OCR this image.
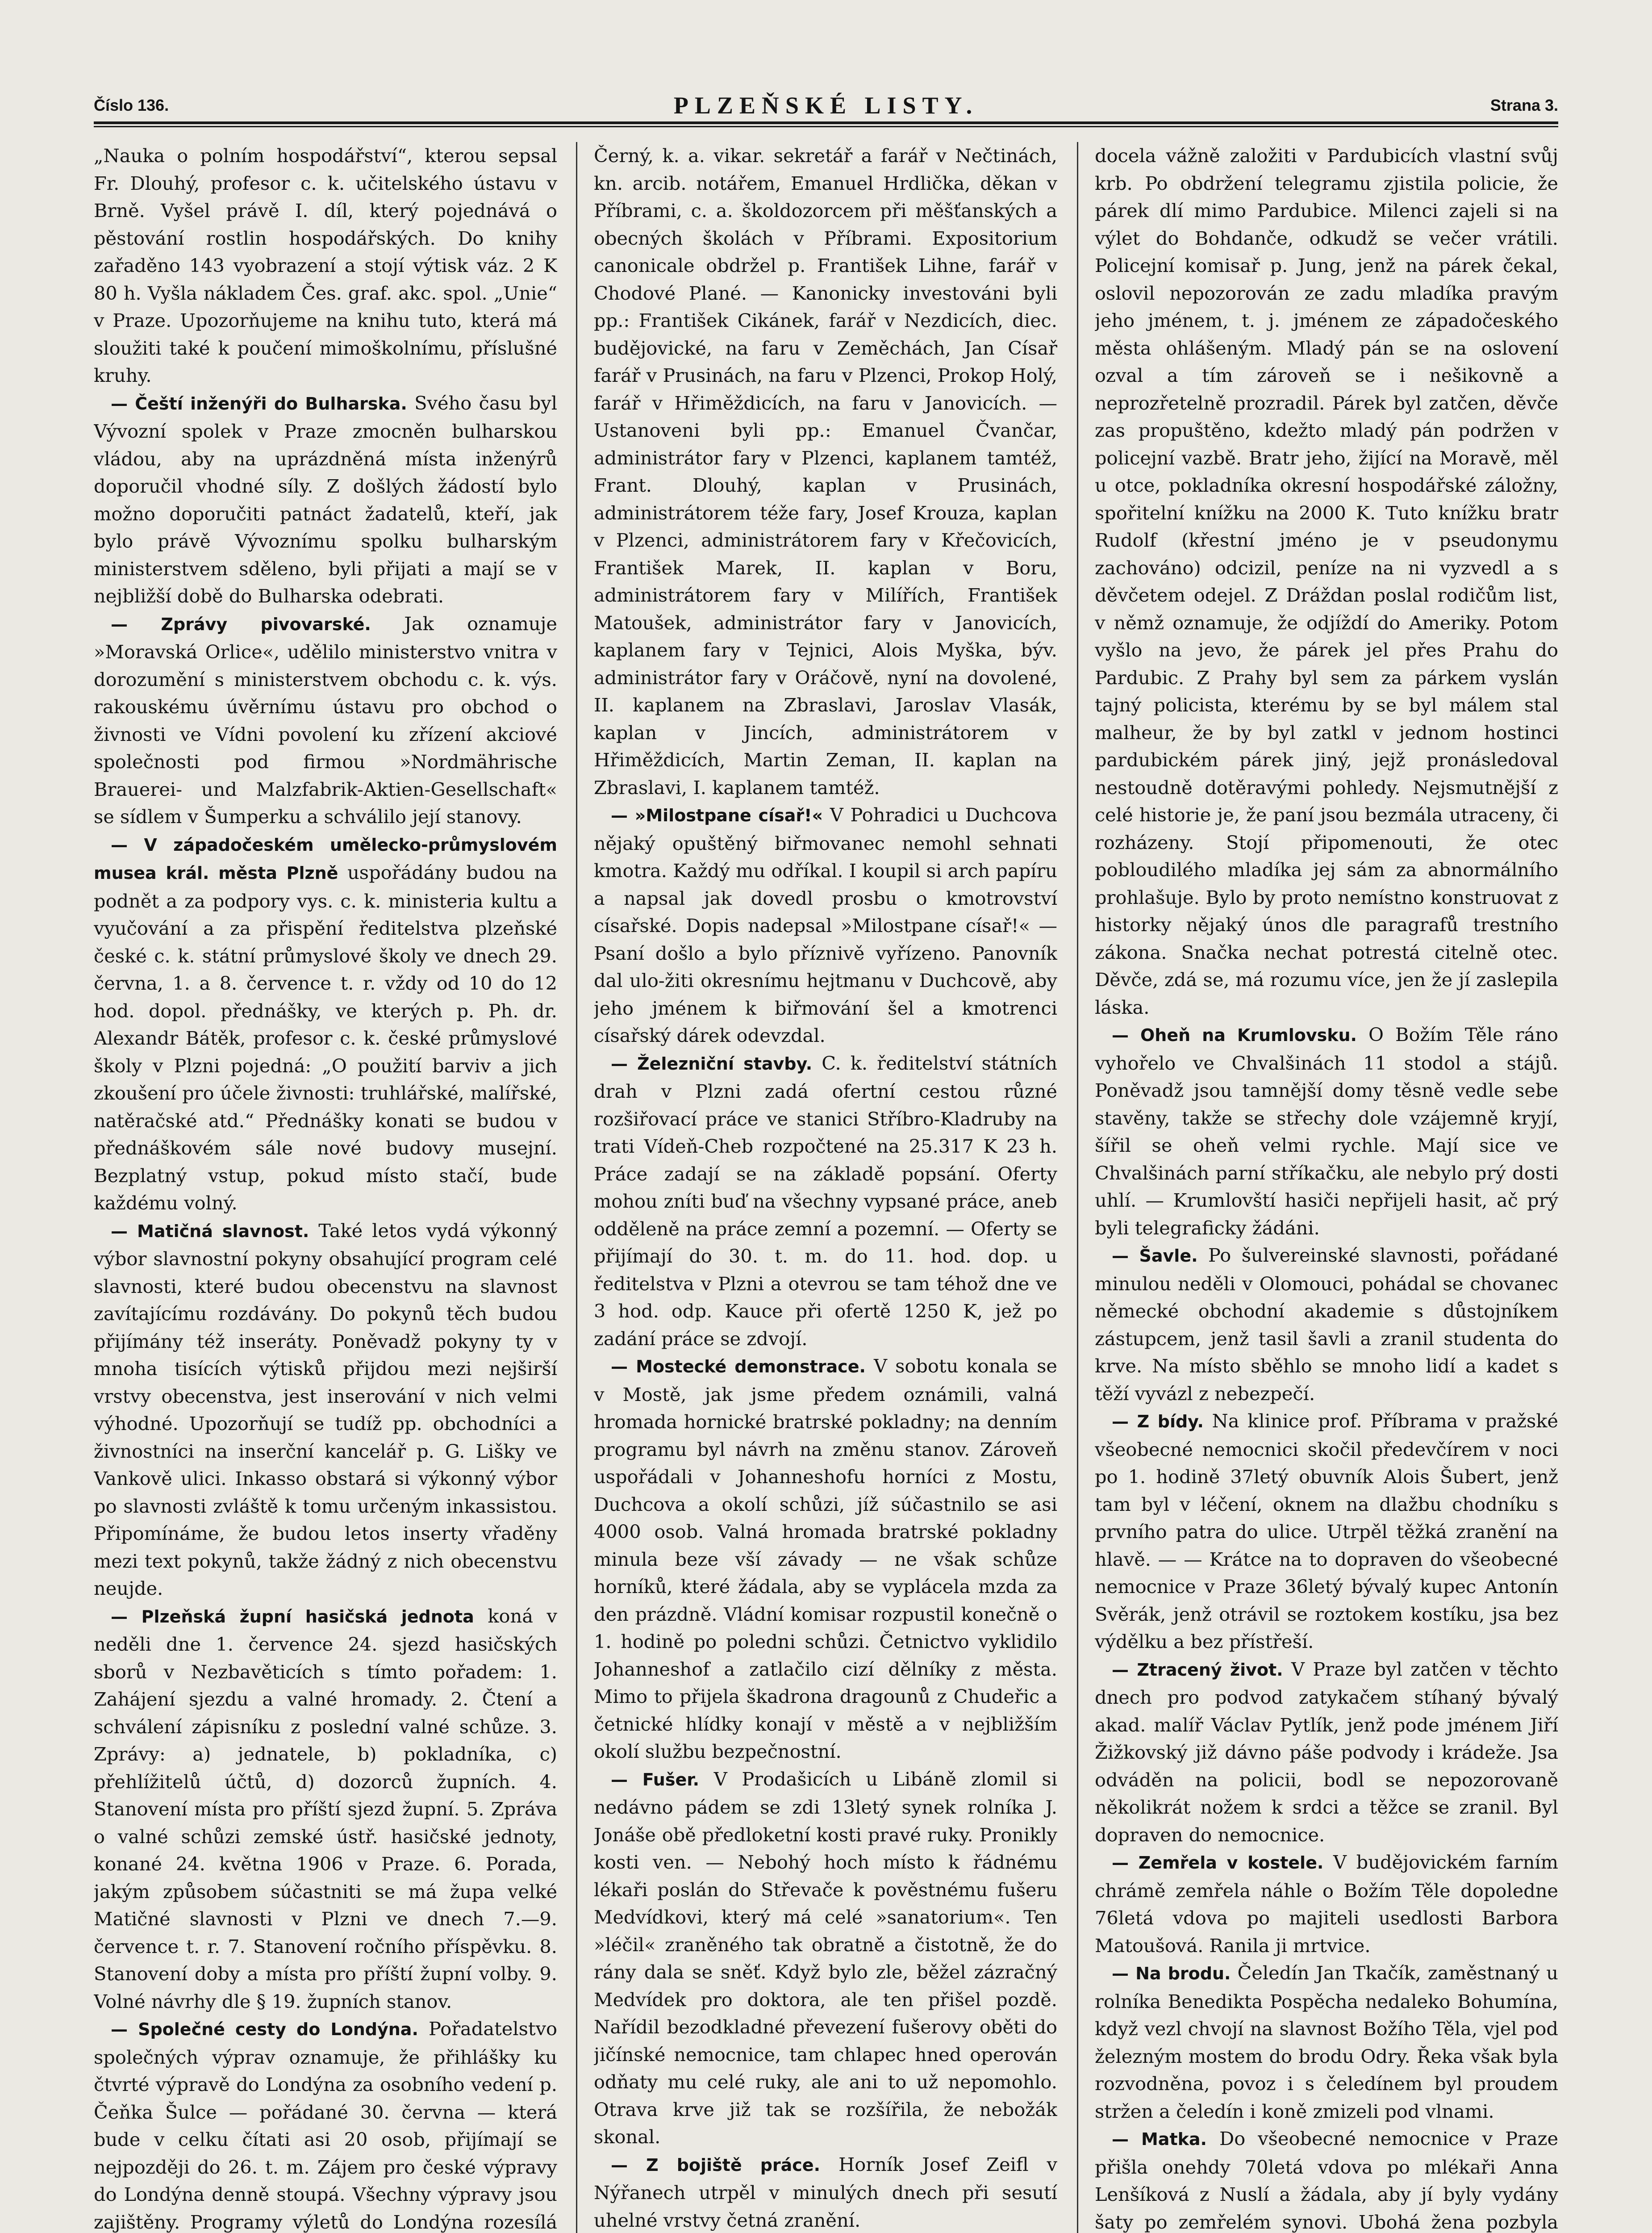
Číslo 136.	PLZEŇSKÉ LISTY.	Strana 3.

„Nauka o polním hospodářství“, kterou sepsal Fr. Dlouhý, profesor c. k. učitelského ústavu v Brně. Vyšel právě I. díl, který pojednává o pěstování rostlin hospodářských. Do knihy zařaděno 143 vyobrazení a stojí výtisk váz. 2 K 80 h. Vyšla nákladem Čes. graf. akc. spol. „Unie“ v Praze. Upozorňujeme na knihu tuto, která má sloužiti také k poučení mimoškolnímu, příslušné kruhy.

— Čeští inženýři do Bulharska. Svého času byl Vývozní spolek v Praze zmocněn bulharskou vládou, aby na uprázdněná místa inženýrů doporučil vhodné síly. Z došlých žádostí bylo možno doporučiti patnáct žadatelů, kteří, jak bylo právě Vývoznímu spolku bulharským ministerstvem sděleno, byli přijati a mají se v nejbližší době do Bulharska odebrati.

— Zprávy pivovarské. Jak oznamuje »Moravská Orlice«, udělilo ministerstvo vnitra v dorozumění s ministerstvem obchodu c. k. výs. rakouskému úvěrnímu ústavu pro obchod o živnosti ve Vídni povolení ku zřízení akciové společnosti pod firmou »Nordmährische Brauerei- und Malzfabrik-Aktien-Gesellschaft« se sídlem v Šumperku a schválilo její stanovy.

— V západočeském umělecko-průmyslovém musea král. města Plzně uspořádány budou na podnět a za podpory vys. c. k. ministeria kultu a vyučování a za přispění ředitelstva plzeňské české c. k. státní průmyslové školy ve dnech 29. června, 1. a 8. července t. r. vždy od 10 do 12 hod. dopol. přednášky, ve kterých p. Ph. dr. Alexandr Bátěk, profesor c. k. české průmyslové školy v Plzni pojedná: „O použití barviv a jich zkoušení pro účele živnosti: truhlářské, malířské, natěračské atd.“ Přednášky konati se budou v přednáškovém sále nové budovy musejní. Bezplatný vstup, pokud místo stačí, bude každému volný.

— Matičná slavnost. Také letos vydá výkonný výbor slavnostní pokyny obsahující program celé slavnosti, které budou obecenstvu na slavnost zavítajícímu rozdávány. Do pokynů těch budou přijímány též inseráty. Poněvadž pokyny ty v mnoha tisících výtisků přijdou mezi nejširší vrstvy obecenstva, jest inserování v nich velmi výhodné. Upozorňují se tudíž pp. obchodníci a živnostníci na inserční kancelář p. G. Lišky ve Vankově ulici. Inkasso obstará si výkonný výbor po slavnosti zvláště k tomu určeným inkassistou. Připomínáme, že budou letos inserty vřaděny mezi text pokynů, takže žádný z nich obecenstvu neujde.

— Plzeňská župní hasičská jednota koná v neděli dne 1. července 24. sjezd hasičských sborů v Nezbavěticích s tímto pořadem: 1. Zahájení sjezdu a valné hromady. 2. Čtení a schválení zápisníku z poslední valné schůze. 3. Zprávy: a) jednatele, b) pokladníka, c) přehlížitelů účtů, d) dozorců župních. 4. Stanovení místa pro příští sjezd župní. 5. Zpráva o valné schůzi zemské ústř. hasičské jednoty, konané 24. května 1906 v Praze. 6. Porada, jakým způsobem súčastniti se má župa velké Matičné slavnosti v Plzni ve dnech 7.—9. července t. r. 7. Stanovení ročního příspěvku. 8. Stanovení doby a místa pro příští župní volby. 9. Volné návrhy dle § 19. župních stanov.

— Společné cesty do Londýna. Pořadatelstvo společných výprav oznamuje, že přihlášky ku čtvrté výpravě do Londýna za osobního vedení p. Čeňka Šulce — pořádané 30. června — která bude v celku čítati asi 20 osob, přijímají se nejpozději do 26. t. m. Zájem pro české výpravy do Londýna denně stoupá. Všechny výpravy jsou zajištěny. Programy výletů do Londýna rozesílá

Černý, k. a. vikar. sekretář a farář v Nečtinách, kn. arcib. notářem, Emanuel Hrdlička, děkan v Příbrami, c. a. školdozorcem při měšťanských a obecných školách v Příbrami. Expositorium canonicale obdržel p. František Lihne, farář v Chodové Plané. — Kanonicky investováni byli pp.: František Cikánek, farář v Nezdicích, diec. budějovické, na faru v Zeměchách, Jan Císař farář v Prusinách, na faru v Plzenci, Prokop Holý, farář v Hřiměždicích, na faru v Janovicích. — Ustanoveni byli pp.: Emanuel Čvančar, administrátor fary v Plzenci, kaplanem tamtéž, Frant. Dlouhý, kaplan v Prusinách, administrátorem téže fary, Josef Krouza, kaplan v Plzenci, administrátorem fary v Křečovicích, František Marek, II. kaplan v Boru, administrátorem fary v Milířích, František Matoušek, administrátor fary v Janovicích, kaplanem fary v Tejnici, Alois Myška, býv. administrátor fary v Oráčově, nyní na dovolené, II. kaplanem na Zbraslavi, Jaroslav Vlasák, kaplan v Jincích, administrátorem v Hřiměždicích, Martin Zeman, II. kaplan na Zbraslavi, I. kaplanem tamtéž.

— »Milostpane císař!« V Pohradici u Duchcova nějaký opuštěný biřmovanec nemohl sehnati kmotra. Každý mu odříkal. I koupil si arch papíru a napsal jak dovedl prosbu o kmotrovství císařské. Dopis nadepsal »Milostpane císař!« — Psaní došlo a bylo příznivě vyřízeno. Panovník dal ulo-žiti okresnímu hejtmanu v Duchcově, aby jeho jménem k biřmování šel a kmotrenci císařský dárek odevzdal.

— Železniční stavby. C. k. ředitelství státních drah v Plzni zadá ofertní cestou různé rozšiřovací práce ve stanici Stříbro-Kladruby na trati Vídeň-Cheb rozpočtené na 25.317 K 23 h. Práce zadají se na základě popsání. Oferty mohou zníti buď na všechny vypsané práce, aneb odděleně na práce zemní a pozemní. — Oferty se přijímají do 30. t. m. do 11. hod. dop. u ředitelstva v Plzni a otevrou se tam téhož dne ve 3 hod. odp. Kauce při ofertě 1250 K, jež po zadání práce se zdvojí.

— Mostecké demonstrace. V sobotu konala se v Mostě, jak jsme předem oznámili, valná hromada hornické bratrské pokladny; na denním programu byl návrh na změnu stanov. Zároveň uspořádali v Johanneshofu horníci z Mostu, Duchcova a okolí schůzi, jíž súčastnilo se asi 4000 osob. Valná hromada bratrské pokladny minula beze vší závady — ne však schůze horníků, které žádala, aby se vyplácela mzda za den prázdně. Vládní komisar rozpustil konečně o 1. hodině po poledni schůzi. Četnictvo vyklidilo Johanneshof a zatlačilo cizí dělníky z města. Mimo to přijela škadrona dragounů z Chudeřic a četnické hlídky konají v městě a v nejbližším okolí službu bezpečnostní.

— Fušer. V Prodašicích u Libáně zlomil si nedávno pádem se zdi 13letý synek rolníka J. Jonáše obě předloketní kosti pravé ruky. Pronikly kosti ven. — Nebohý hoch místo k řádnému lékaři poslán do Střevače k pověstnému fušeru Medvídkovi, který má celé »sanatorium«. Ten »léčil« zraněného tak obratně a čistotně, že do rány dala se sněť. Když bylo zle, běžel zázračný Medvídek pro doktora, ale ten přišel pozdě. Nařídil bezodkladné převezení fušerovy oběti do jičínské nemocnice, tam chlapec hned operován odňaty mu celé ruky, ale ani to už nepomohlo. Otrava krve již tak se rozšířila, že nebožák skonal.

— Z bojiště práce. Horník Josef Zeifl v Nýřanech utrpěl v minulých dnech při sesutí uhelné vrstvy četná zranění.

docela vážně založiti v Pardubicích vlastní svůj krb. Po obdržení telegramu zjistila policie, že párek dlí mimo Pardubice. Milenci zajeli si na výlet do Bohdanče, odkudž se večer vrátili. Policejní komisař p. Jung, jenž na párek čekal, oslovil nepozorován ze zadu mladíka pravým jeho jménem, t. j. jménem ze západočeského města ohlášeným. Mladý pán se na oslovení ozval a tím zároveň se i nešikovně a neprozřetelně prozradil. Párek byl zatčen, děvče zas propuštěno, kdežto mladý pán podržen v policejní vazbě. Bratr jeho, žijící na Moravě, měl u otce, pokladníka okresní hospodářské záložny, spořitelní knížku na 2000 K. Tuto knížku bratr Rudolf (křestní jméno je v pseudonymu zachováno) odcizil, peníze na ni vyzvedl a s děvčetem odejel. Z Dráždan poslal rodičům list, v němž oznamuje, že odjíždí do Ameriky. Potom vyšlo na jevo, že párek jel přes Prahu do Pardubic. Z Prahy byl sem za párkem vyslán tajný policista, kterému by se byl málem stal malheur, že by byl zatkl v jednom hostinci pardubickém párek jiný, jejž pronásledoval nestoudně dotěravými pohledy. Nejsmutnější z celé historie je, že paní jsou bezmála utraceny, či rozházeny. Stojí připomenouti, že otec pobloudilého mladíka jej sám za abnormálního prohlašuje. Bylo by proto nemístno konstruovat z historky nějaký únos dle paragrafů trestního zákona. Snačka nechat potrestá citelně otec. Děvče, zdá se, má rozumu více, jen že jí zaslepila láska.

— Oheň na Krumlovsku. O Božím Těle ráno vyhořelo ve Chvalšinách 11 stodol a stájů. Poněvadž jsou tamnější domy těsně vedle sebe stavěny, takže se střechy dole vzájemně kryjí, šířil se oheň velmi rychle. Mají sice ve Chvalšinách parní stříkačku, ale nebylo prý dosti uhlí. — Krumlovští hasiči nepřijeli hasit, ač prý byli telegraficky žádáni.

— Šavle. Po šulvereinské slavnosti, pořádané minulou neděli v Olomouci, pohádal se chovanec německé obchodní akademie s důstojníkem zástupcem, jenž tasil šavli a zranil studenta do krve. Na místo sběhlo se mnoho lidí a kadet s těží vyvázl z nebezpečí.

— Z bídy. Na klinice prof. Příbrama v pražské všeobecné nemocnici skočil předevčírem v noci po 1. hodině 37letý obuvník Alois Šubert, jenž tam byl v léčení, oknem na dlažbu chodníku s prvního patra do ulice. Utrpěl těžká zranění na hlavě. — — Krátce na to dopraven do všeobecné nemocnice v Praze 36letý bývalý kupec Antonín Svěrák, jenž otrávil se roztokem kostíku, jsa bez výdělku a bez přístřeší.

— Ztracený život. V Praze byl zatčen v těchto dnech pro podvod zatykačem stíhaný bývalý akad. malíř Václav Pytlík, jenž pode jménem Jiří Žižkovský již dávno páše podvody i krádeže. Jsa odváděn na policii, bodl se nepozorovaně několikrát nožem k srdci a těžce se zranil. Byl dopraven do nemocnice.

— Zemřela v kostele. V budějovickém farním chrámě zemřela náhle o Božím Těle dopoledne 76letá vdova po majiteli usedlosti Barbora Matoušová. Ranila ji mrtvice.

— Na brodu. Čeledín Jan Tkačík, zaměstnaný u rolníka Benedikta Pospěcha nedaleko Bohumína, když vezl chvojí na slavnost Božího Těla, vjel pod železným mostem do brodu Odry. Řeka však byla rozvodněna, povoz i s čeledínem byl proudem stržen a čeledín i koně zmizeli pod vlnami.

— Matka. Do všeobecné nemocnice v Praze přišla onehdy 70letá vdova po mlékaři Anna Lenšíková z Nuslí a žádala, aby jí byly vydány šaty po zemřelém synovi. Ubohá žena pozbyla
